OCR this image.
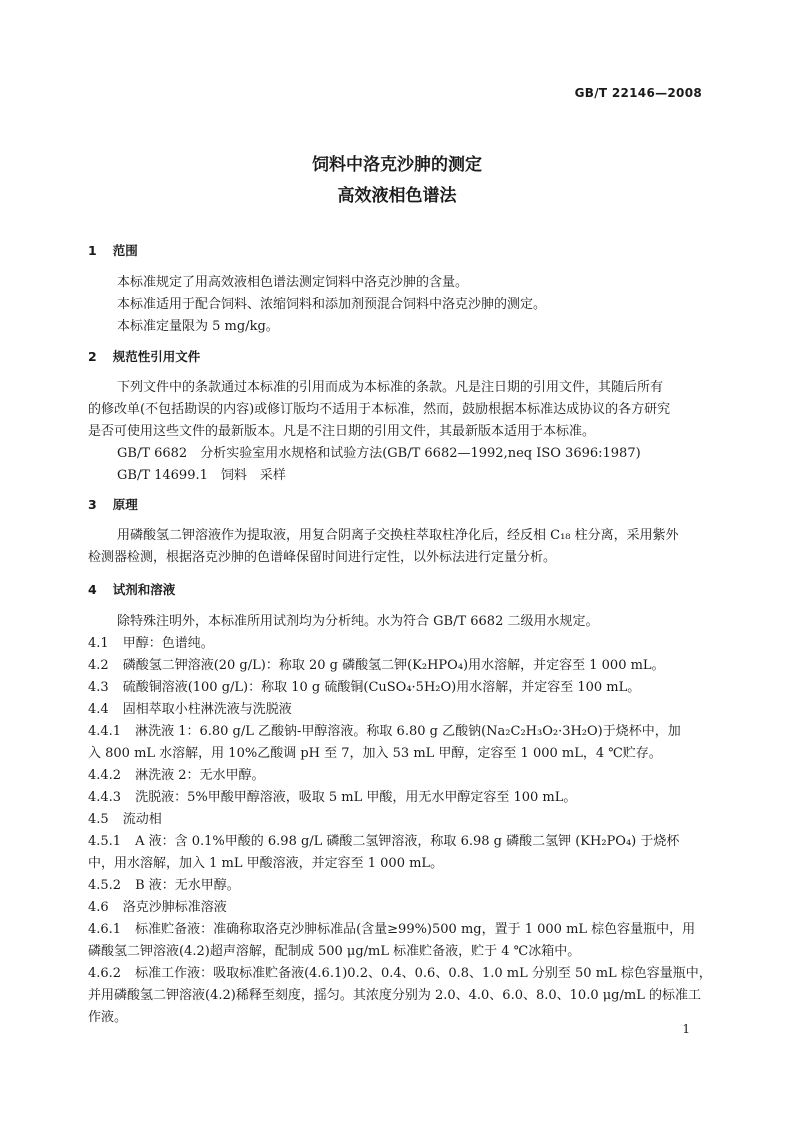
GB/T 22146—2008
饲料中洛克沙胂的测定
高效液相色谱法
1 范围
本标准规定了用高效液相色谱法测定饲料中洛克沙胂的含量。
本标准适用于配合饲料、浓缩饲料和添加剂预混合饲料中洛克沙胂的测定。
本标准定量限为 5 mg/kg。
2 规范性引用文件
下列文件中的条款通过本标准的引用而成为本标准的条款。凡是注日期的引用文件，其随后所有
的修改单(不包括勘误的内容)或修订版均不适用于本标准，然而，鼓励根据本标准达成协议的各方研究
是否可使用这些文件的最新版本。凡是不注日期的引用文件，其最新版本适用于本标准。
GB/T 6682　分析实验室用水规格和试验方法(GB/T 6682—1992,neq ISO 3696:1987)
GB/T 14699.1　饲料　采样
3 原理
用磷酸氢二钾溶液作为提取液，用复合阴离子交换柱萃取柱净化后，经反相 C₁₈ 柱分离，采用紫外
检测器检测，根据洛克沙胂的色谱峰保留时间进行定性，以外标法进行定量分析。
4 试剂和溶液
除特殊注明外，本标准所用试剂均为分析纯。水为符合 GB/T 6682 二级用水规定。
4.1 甲醇：色谱纯。
4.2 磷酸氢二钾溶液(20 g/L)：称取 20 g 磷酸氢二钾(K₂HPO₄)用水溶解，并定容至 1 000 mL。
4.3 硫酸铜溶液(100 g/L)：称取 10 g 硫酸铜(CuSO₄·5H₂O)用水溶解，并定容至 100 mL。
4.4 固相萃取小柱淋洗液与洗脱液
4.4.1 淋洗液 1：6.80 g/L 乙酸钠-甲醇溶液。称取 6.80 g 乙酸钠(Na₂C₂H₃O₂·3H₂O)于烧杯中，加
入 800 mL 水溶解，用 10%乙酸调 pH 至 7，加入 53 mL 甲醇，定容至 1 000 mL，4 ℃贮存。
4.4.2 淋洗液 2：无水甲醇。
4.4.3 洗脱液：5%甲酸甲醇溶液，吸取 5 mL 甲酸，用无水甲醇定容至 100 mL。
4.5 流动相
4.5.1 A 液：含 0.1%甲酸的 6.98 g/L 磷酸二氢钾溶液，称取 6.98 g 磷酸二氢钾 (KH₂PO₄) 于烧杯
中，用水溶解，加入 1 mL 甲酸溶液，并定容至 1 000 mL。
4.5.2 B 液：无水甲醇。
4.6 洛克沙胂标准溶液
4.6.1 标准贮备液：准确称取洛克沙胂标准品(含量≥99%)500 mg，置于 1 000 mL 棕色容量瓶中，用
磷酸氢二钾溶液(4.2)超声溶解，配制成 500 μg/mL 标准贮备液，贮于 4 ℃冰箱中。
4.6.2 标准工作液：吸取标准贮备液(4.6.1)0.2、0.4、0.6、0.8、1.0 mL 分别至 50 mL 棕色容量瓶中，
并用磷酸氢二钾溶液(4.2)稀释至刻度，摇匀。其浓度分别为 2.0、4.0、6.0、8.0、10.0 μg/mL 的标准工
作液。
1
